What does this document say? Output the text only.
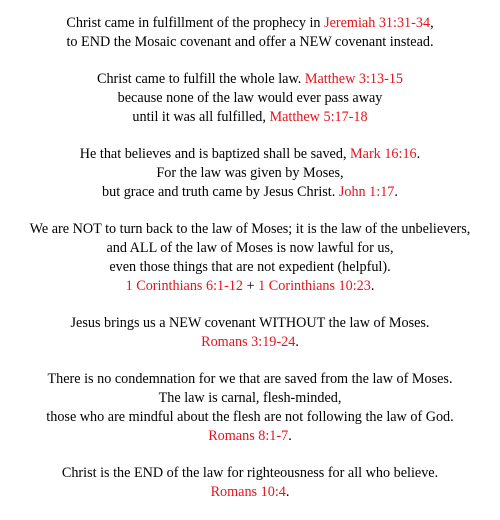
Christ came in fulfillment of the prophecy in Jeremiah 31:31-34,
to END the Mosaic covenant and offer a NEW covenant instead.
Christ came to fulfill the whole law. Matthew 3:13-15
because none of the law would ever pass away
until it was all fulfilled, Matthew 5:17-18
He that believes and is baptized shall be saved, Mark 16:16.
For the law was given by Moses,
but grace and truth came by Jesus Christ. John 1:17.
We are NOT to turn back to the law of Moses; it is the law of the unbelievers,
and ALL of the law of Moses is now lawful for us,
even those things that are not expedient (helpful).
1 Corinthians 6:1-12 + 1 Corinthians 10:23.
Jesus brings us a NEW covenant WITHOUT the law of Moses.
Romans 3:19-24.
There is no condemnation for we that are saved from the law of Moses.
The law is carnal, flesh-minded,
those who are mindful about the flesh are not following the law of God.
Romans 8:1-7.
Christ is the END of the law for righteousness for all who believe.
Romans 10:4.
